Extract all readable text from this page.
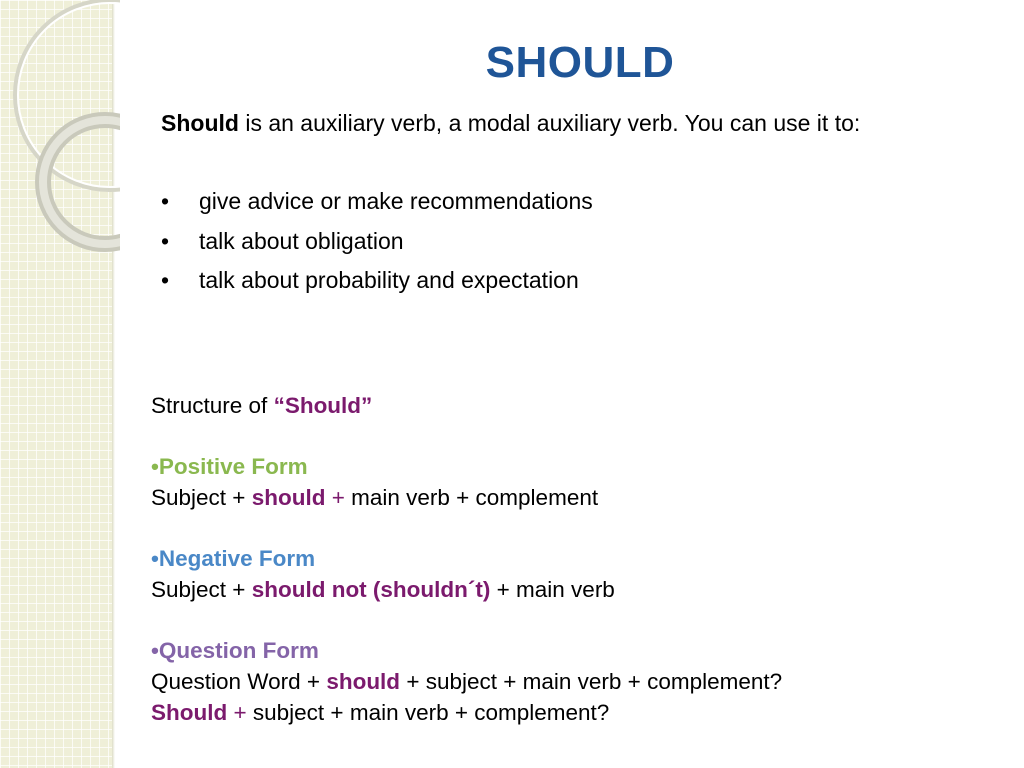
SHOULD
Should is an auxiliary verb, a modal auxiliary verb. You can use it to:
• give advice or make recommendations
• talk about obligation
• talk about probability and expectation
Structure of “Should”
•Positive Form
Subject + should + main verb + complement
•Negative Form
Subject + should not (shouldn´t) + main verb
•Question Form
Question Word + should + subject + main verb + complement?
Should + subject + main verb + complement?
